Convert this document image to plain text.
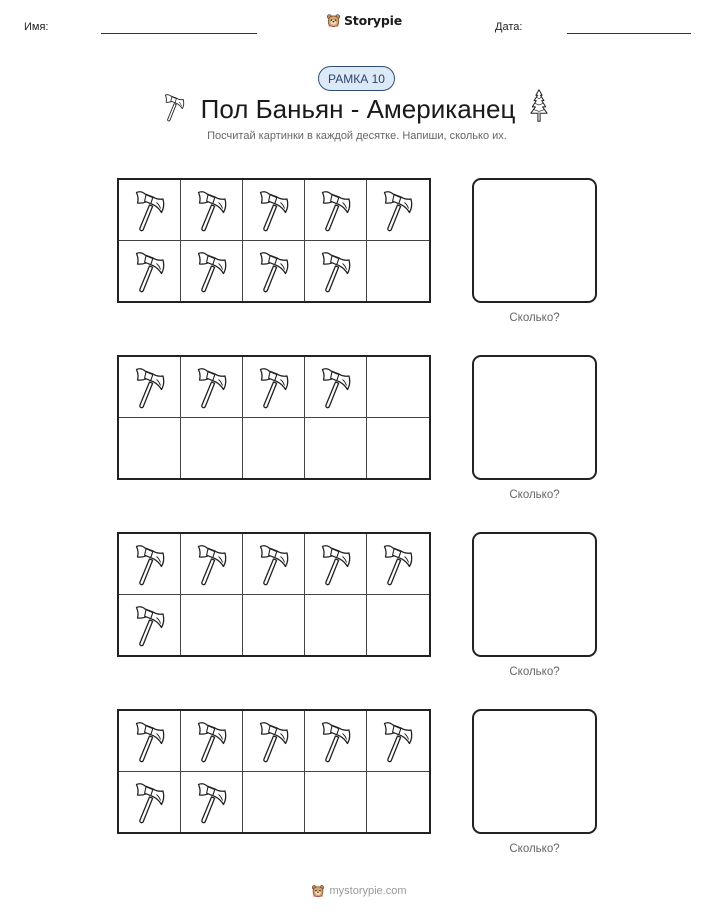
Имя:	Storypie	Дата:
РАМКА 10
Пол Баньян - Американец
Посчитай картинки в каждой десятке. Напиши, сколько их.
Сколько?
Сколько?
Сколько?
Сколько?
mystorypie.com
